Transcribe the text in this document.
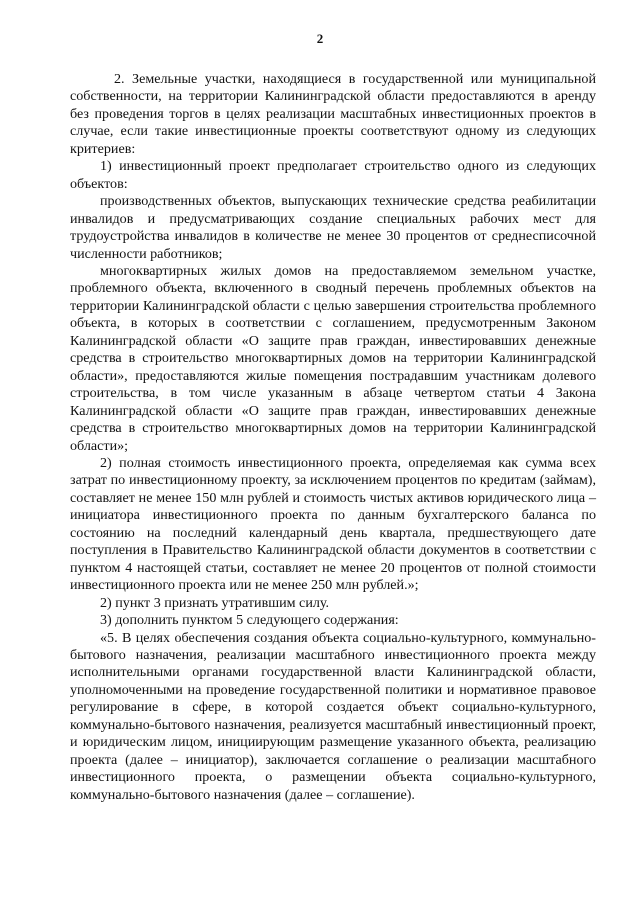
2

2. Земельные участки, находящиеся в государственной или муниципальной собственности, на территории Калининградской области предоставляются в аренду без проведения торгов в целях реализации масштабных инвестиционных проектов в случае, если такие инвестиционные проекты соответствуют одному из следующих критериев:

1) инвестиционный проект предполагает строительство одного из следующих объектов:

производственных объектов, выпускающих технические средства реабилитации инвалидов и предусматривающих создание специальных рабочих мест для трудоустройства инвалидов в количестве не менее 30 процентов от среднесписочной численности работников;

многоквартирных жилых домов на предоставляемом земельном участке, проблемного объекта, включенного в сводный перечень проблемных объектов на территории Калининградской области с целью завершения строительства проблемного объекта, в которых в соответствии с соглашением, предусмотренным Законом Калининградской области «О защите прав граждан, инвестировавших денежные средства в строительство многоквартирных домов на территории Калининградской области», предоставляются жилые помещения пострадавшим участникам долевого строительства, в том числе указанным в абзаце четвертом статьи 4 Закона Калининградской области «О защите прав граждан, инвестировавших денежные средства в строительство многоквартирных домов на территории Калининградской области»;

2) полная стоимость инвестиционного проекта, определяемая как сумма всех затрат по инвестиционному проекту, за исключением процентов по кредитам (займам), составляет не менее 150 млн рублей и стоимость чистых активов юридического лица – инициатора инвестиционного проекта по данным бухгалтерского баланса по состоянию на последний календарный день квартала, предшествующего дате поступления в Правительство Калининградской области документов в соответствии с пунктом 4 настоящей статьи, составляет не менее 20 процентов от полной стоимости инвестиционного проекта или не менее 250 млн рублей.»;

2) пункт 3 признать утратившим силу.

3) дополнить пунктом 5 следующего содержания:

«5. В целях обеспечения создания объекта социально-культурного, коммунально-бытового назначения, реализации масштабного инвестиционного проекта между исполнительными органами государственной власти Калининградской области, уполномоченными на проведение государственной политики и нормативное правовое регулирование в сфере, в которой создается объект социально-культурного, коммунально-бытового назначения, реализуется масштабный инвестиционный проект, и юридическим лицом, инициирующим размещение указанного объекта, реализацию проекта (далее – инициатор), заключается соглашение о реализации масштабного инвестиционного проекта, о размещении объекта социально-культурного, коммунально-бытового назначения (далее – соглашение).
